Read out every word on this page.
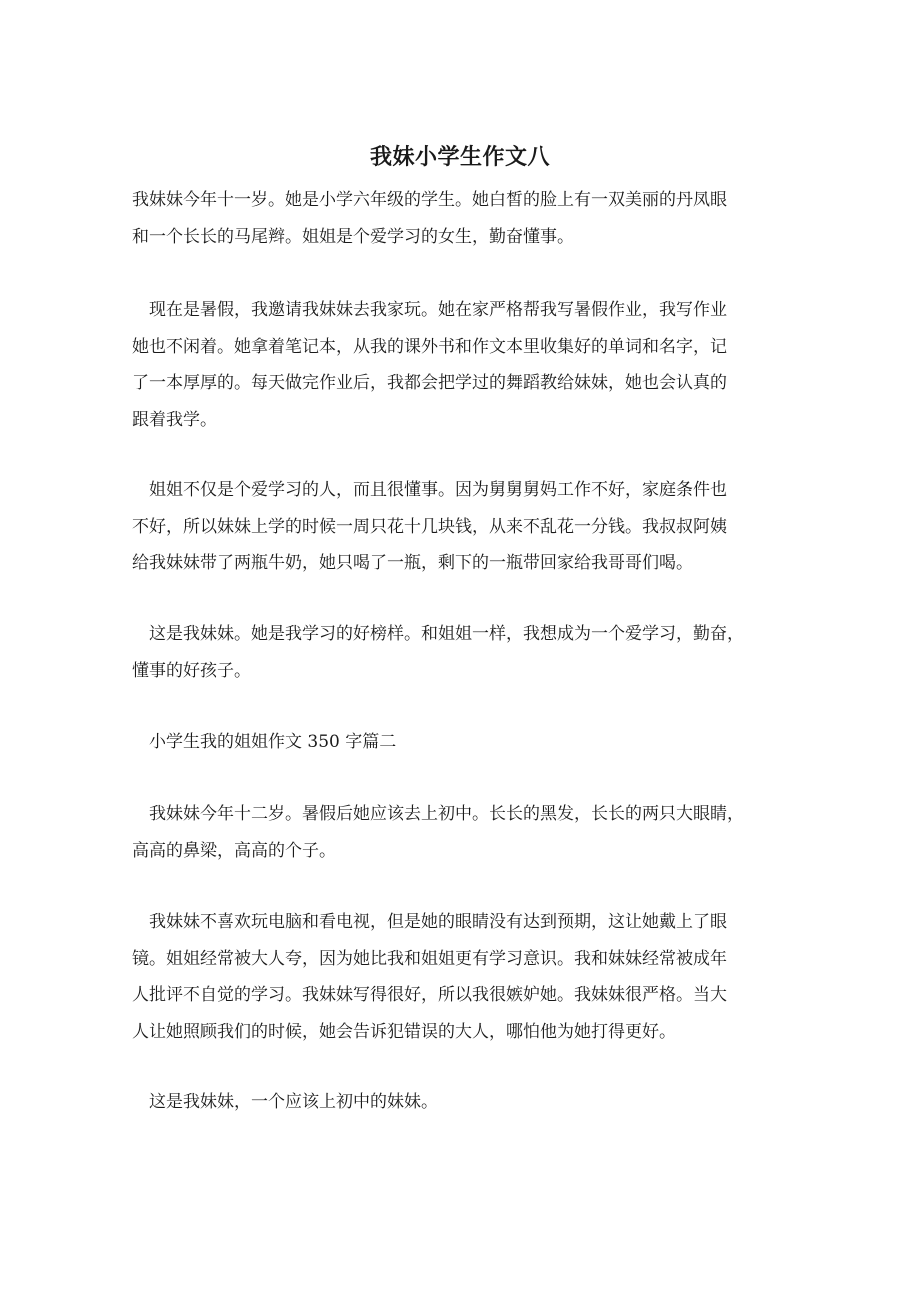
我妹小学生作文八

我妹妹今年十一岁。她是小学六年级的学生。她白皙的脸上有一双美丽的丹凤眼
和一个长长的马尾辫。姐姐是个爱学习的女生，勤奋懂事。

现在是暑假，我邀请我妹妹去我家玩。她在家严格帮我写暑假作业，我写作业
她也不闲着。她拿着笔记本，从我的课外书和作文本里收集好的单词和名字，记
了一本厚厚的。每天做完作业后，我都会把学过的舞蹈教给妹妹，她也会认真的
跟着我学。

姐姐不仅是个爱学习的人，而且很懂事。因为舅舅舅妈工作不好，家庭条件也
不好，所以妹妹上学的时候一周只花十几块钱，从来不乱花一分钱。我叔叔阿姨
给我妹妹带了两瓶牛奶，她只喝了一瓶，剩下的一瓶带回家给我哥哥们喝。

这是我妹妹。她是我学习的好榜样。和姐姐一样，我想成为一个爱学习，勤奋，
懂事的好孩子。

小学生我的姐姐作文 350 字篇二

我妹妹今年十二岁。暑假后她应该去上初中。长长的黑发，长长的两只大眼睛，
高高的鼻梁，高高的个子。

我妹妹不喜欢玩电脑和看电视，但是她的眼睛没有达到预期，这让她戴上了眼
镜。姐姐经常被大人夸，因为她比我和姐姐更有学习意识。我和妹妹经常被成年
人批评不自觉的学习。我妹妹写得很好，所以我很嫉妒她。我妹妹很严格。当大
人让她照顾我们的时候，她会告诉犯错误的大人，哪怕他为她打得更好。

这是我妹妹，一个应该上初中的妹妹。
